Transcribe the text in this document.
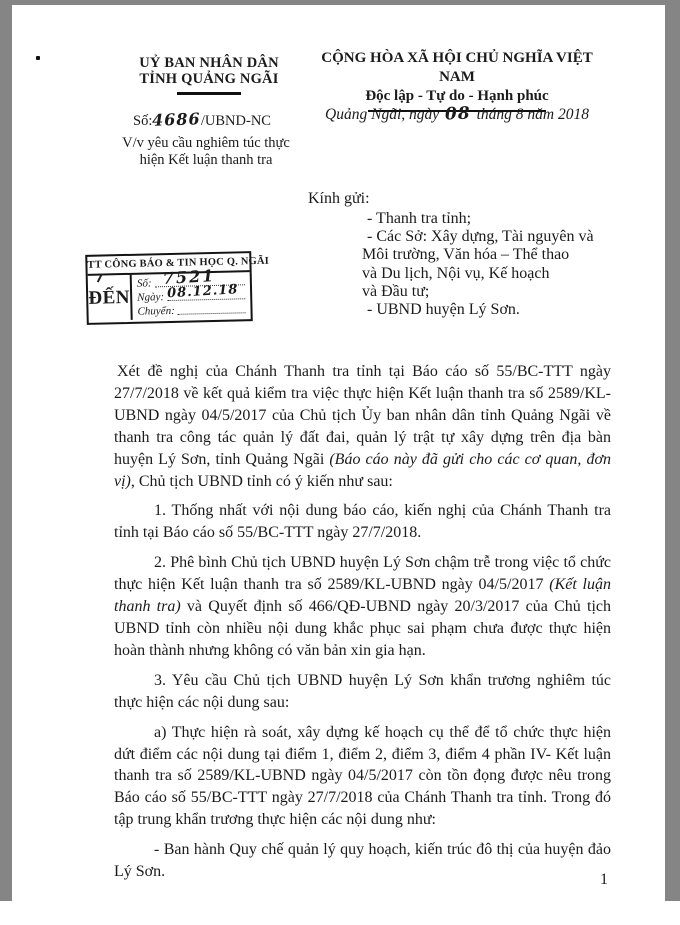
UỶ BAN NHÂN DÂN
TỈNH QUẢNG NGÃI
Số:4686/UBND-NC
V/v yêu cầu nghiêm túc thực
hiện Kết luận thanh tra
CỘNG HÒA XÃ HỘI CHỦ NGHĨA VIỆT NAM
Độc lập - Tự do - Hạnh phúc
Quảng Ngãi, ngày 08 tháng 8 năm 2018
Kính gửi:
- Thanh tra tỉnh;
- Các Sở: Xây dựng, Tài nguyên và
Môi trường, Văn hóa – Thể thao
và Du lịch, Nội vụ, Kế hoạch
và Đầu tư;
- UBND huyện Lý Sơn.
TT CÔNG BÁO & TIN HỌC Q. NGÃI
ĐẾN
Số: 7521
Ngày: 08.12.18
Chuyển:

Xét đề nghị của Chánh Thanh tra tỉnh tại Báo cáo số 55/BC-TTT ngày 27/7/2018 về kết quả kiểm tra việc thực hiện Kết luận thanh tra số 2589/KL-UBND ngày 04/5/2017 của Chủ tịch Ủy ban nhân dân tỉnh Quảng Ngãi về thanh tra công tác quản lý đất đai, quản lý trật tự xây dựng trên địa bàn huyện Lý Sơn, tỉnh Quảng Ngãi (Báo cáo này đã gửi cho các cơ quan, đơn vị), Chủ tịch UBND tỉnh có ý kiến như sau:

1. Thống nhất với nội dung báo cáo, kiến nghị của Chánh Thanh tra tỉnh tại Báo cáo số 55/BC-TTT ngày 27/7/2018.

2. Phê bình Chủ tịch UBND huyện Lý Sơn chậm trễ trong việc tổ chức thực hiện Kết luận thanh tra số 2589/KL-UBND ngày 04/5/2017 (Kết luận thanh tra) và Quyết định số 466/QĐ-UBND ngày 20/3/2017 của Chủ tịch UBND tỉnh còn nhiều nội dung khắc phục sai phạm chưa được thực hiện hoàn thành nhưng không có văn bản xin gia hạn.

3. Yêu cầu Chủ tịch UBND huyện Lý Sơn khẩn trương nghiêm túc thực hiện các nội dung sau:

a) Thực hiện rà soát, xây dựng kế hoạch cụ thể để tổ chức thực hiện dứt điểm các nội dung tại điểm 1, điểm 2, điểm 3, điểm 4 phần IV- Kết luận thanh tra số 2589/KL-UBND ngày 04/5/2017 còn tồn đọng được nêu trong Báo cáo số 55/BC-TTT ngày 27/7/2018 của Chánh Thanh tra tỉnh. Trong đó tập trung khẩn trương thực hiện các nội dung như:

- Ban hành Quy chế quản lý quy hoạch, kiến trúc đô thị của huyện đảo Lý Sơn.	1
